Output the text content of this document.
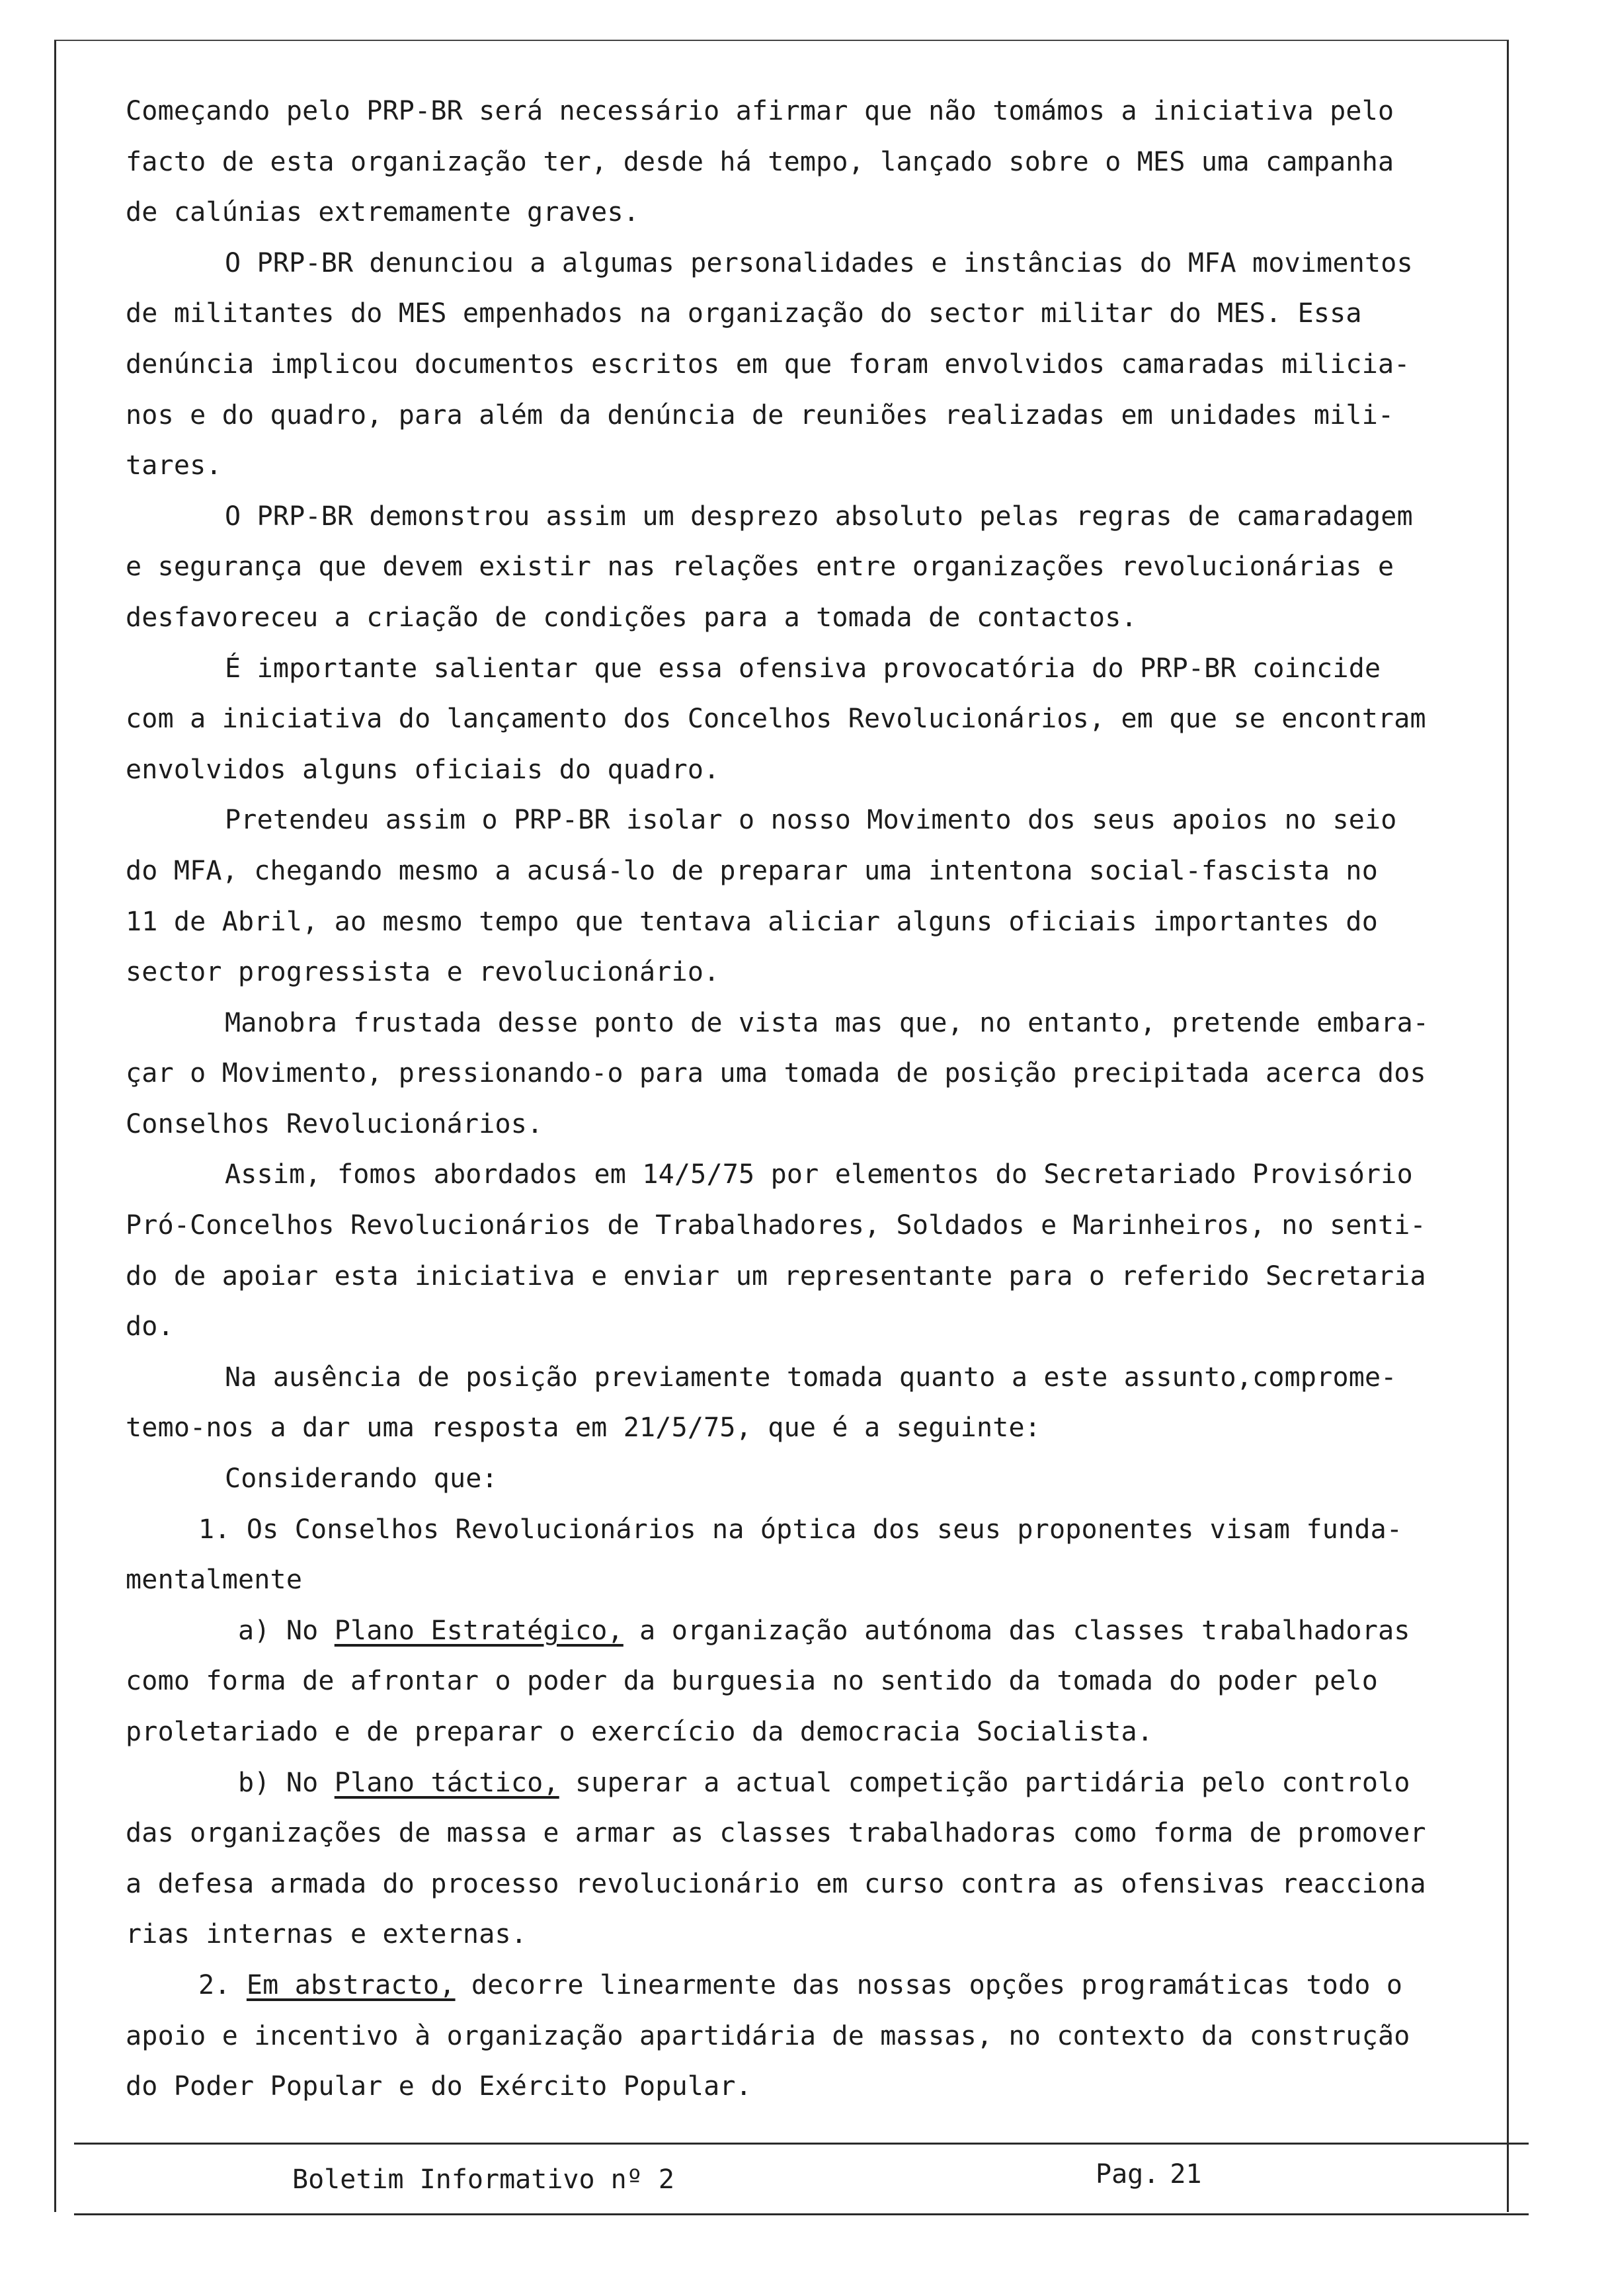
Começando pelo PRP-BR será necessário afirmar que não tomámos a iniciativa pelo
facto de esta organização ter, desde há tempo, lançado sobre o MES uma campanha
de calúnias extremamente graves.
O PRP-BR denunciou a algumas personalidades e instâncias do MFA movimentos
de militantes do MES empenhados na organização do sector militar do MES. Essa
denúncia implicou documentos escritos em que foram envolvidos camaradas milicia-
nos e do quadro, para além da denúncia de reuniões realizadas em unidades mili-
tares.
O PRP-BR demonstrou assim um desprezo absoluto pelas regras de camaradagem
e segurança que devem existir nas relações entre organizações revolucionárias e
desfavoreceu a criação de condições para a tomada de contactos.
É importante salientar que essa ofensiva provocatória do PRP-BR coincide
com a iniciativa do lançamento dos Concelhos Revolucionários, em que se encontram
envolvidos alguns oficiais do quadro.
Pretendeu assim o PRP-BR isolar o nosso Movimento dos seus apoios no seio
do MFA, chegando mesmo a acusá-lo de preparar uma intentona social-fascista no
11 de Abril, ao mesmo tempo que tentava aliciar alguns oficiais importantes do
sector progressista e revolucionário.
Manobra frustada desse ponto de vista mas que, no entanto, pretende embara-
çar o Movimento, pressionando-o para uma tomada de posição precipitada acerca dos
Conselhos Revolucionários.
Assim, fomos abordados em 14/5/75 por elementos do Secretariado Provisório
Pró-Concelhos Revolucionários de Trabalhadores, Soldados e Marinheiros, no senti-
do de apoiar esta iniciativa e enviar um representante para o referido Secretaria
do.
Na ausência de posição previamente tomada quanto a este assunto,comprome-
temo-nos a dar uma resposta em 21/5/75, que é a seguinte:
Considerando que:
1. Os Conselhos Revolucionários na óptica dos seus proponentes visam funda-
mentalmente
a) No Plano Estratégico, a organização autónoma das classes trabalhadoras
como forma de afrontar o poder da burguesia no sentido da tomada do poder pelo
proletariado e de preparar o exercício da democracia Socialista.
b) No Plano táctico, superar a actual competição partidária pelo controlo
das organizações de massa e armar as classes trabalhadoras como forma de promover
a defesa armada do processo revolucionário em curso contra as ofensivas reacciona
rias internas e externas.
2. Em abstracto, decorre linearmente das nossas opções programáticas todo o
apoio e incentivo à organização apartidária de massas, no contexto da construção
do Poder Popular e do Exército Popular.
Boletim Informativo nº 2	Pag. 21
